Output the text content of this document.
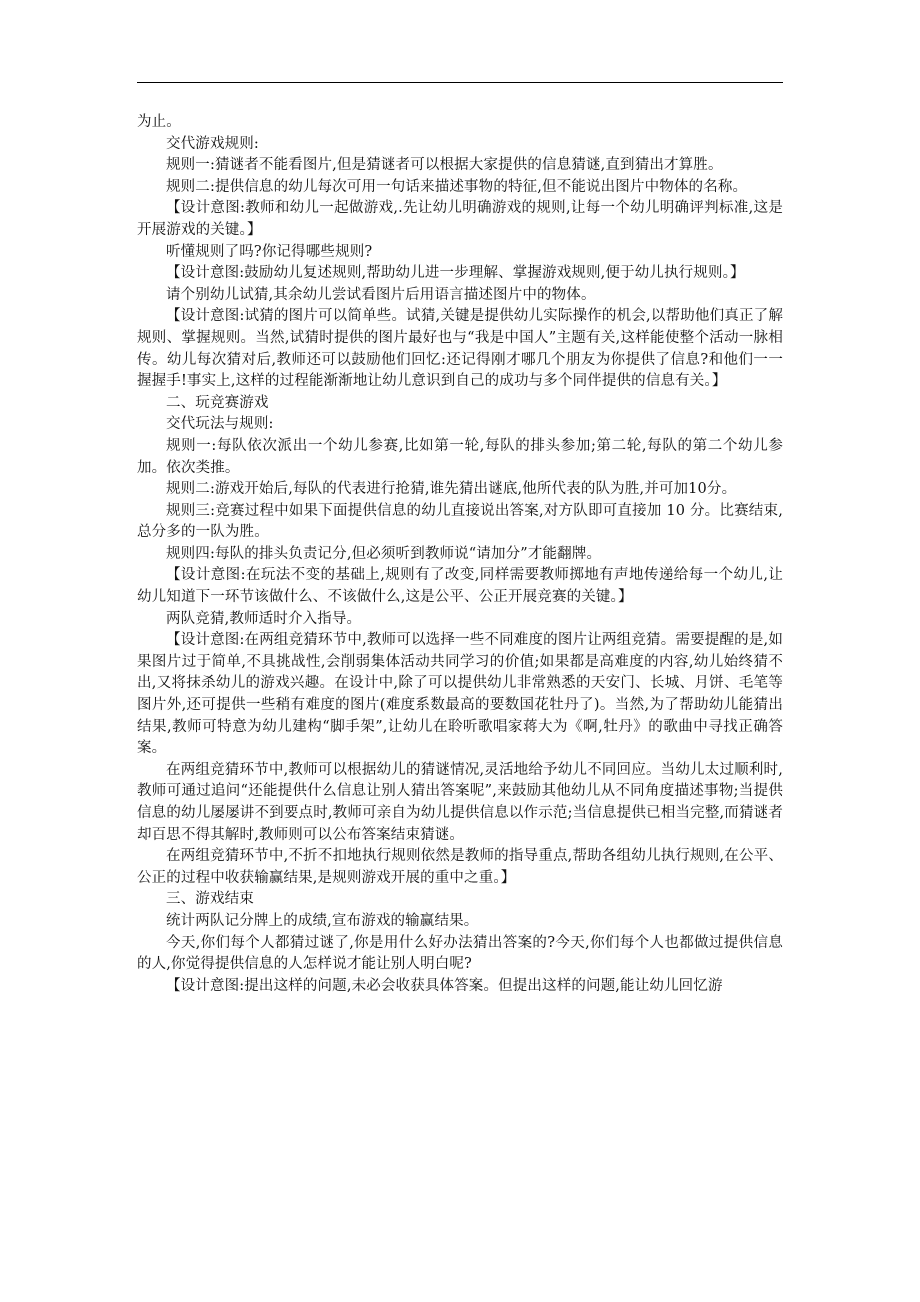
为止。

交代游戏规则:

规则一:猜谜者不能看图片,但是猜谜者可以根据大家提供的信息猜谜,直到猜出才算胜。

规则二:提供信息的幼儿每次可用一句话来描述事物的特征,但不能说出图片中物体的名称。

【设计意图:教师和幼儿一起做游戏,.先让幼儿明确游戏的规则,让每一个幼儿明确评判标准,这是开展游戏的关键。】

听懂规则了吗?你记得哪些规则?

【设计意图:鼓励幼儿复述规则,帮助幼儿进一步理解、掌握游戏规则,便于幼儿执行规则。】

请个别幼儿试猜,其余幼儿尝试看图片后用语言描述图片中的物体。

【设计意图:试猜的图片可以简单些。试猜,关键是提供幼儿实际操作的机会,以帮助他们真正了解规则、掌握规则。当然,试猜时提供的图片最好也与“我是中国人”主题有关,这样能使整个活动一脉相传。幼儿每次猜对后,教师还可以鼓励他们回忆:还记得刚才哪几个朋友为你提供了信息?和他们一一握握手!事实上,这样的过程能渐渐地让幼儿意识到自己的成功与多个同伴提供的信息有关。】

二、玩竞赛游戏

交代玩法与规则:

规则一:每队依次派出一个幼儿参赛,比如第一轮,每队的排头参加;第二轮,每队的第二个幼儿参加。依次类推。

规则二:游戏开始后,每队的代表进行抢猜,谁先猜出谜底,他所代表的队为胜,并可加10分。

规则三:竞赛过程中如果下面提供信息的幼儿直接说出答案,对方队即可直接加 10 分。比赛结束,总分多的一队为胜。

规则四:每队的排头负责记分,但必须听到教师说“请加分”才能翻牌。

【设计意图:在玩法不变的基础上,规则有了改变,同样需要教师掷地有声地传递给每一个幼儿,让幼儿知道下一环节该做什么、不该做什么,这是公平、公正开展竞赛的关键。】

两队竞猜,教师适时介入指导。

【设计意图:在两组竞猜环节中,教师可以选择一些不同难度的图片让两组竞猜。需要提醒的是,如果图片过于简单,不具挑战性,会削弱集体活动共同学习的价值;如果都是高难度的内容,幼儿始终猜不出,又将抹杀幼儿的游戏兴趣。在设计中,除了可以提供幼儿非常熟悉的天安门、长城、月饼、毛笔等图片外,还可提供一些稍有难度的图片(难度系数最高的要数国花牡丹了)。当然,为了帮助幼儿能猜出结果,教师可特意为幼儿建构“脚手架”,让幼儿在聆听歌唱家蒋大为《啊,牡丹》的歌曲中寻找正确答案。

在两组竞猜环节中,教师可以根据幼儿的猜谜情况,灵活地给予幼儿不同回应。当幼儿太过顺利时,教师可通过追问“还能提供什么信息让别人猜出答案呢”,来鼓励其他幼儿从不同角度描述事物;当提供信息的幼儿屡屡讲不到要点时,教师可亲自为幼儿提供信息以作示范;当信息提供已相当完整,而猜谜者却百思不得其解时,教师则可以公布答案结束猜谜。

在两组竞猜环节中,不折不扣地执行规则依然是教师的指导重点,帮助各组幼儿执行规则,在公平、公正的过程中收获输赢结果,是规则游戏开展的重中之重。】

三、游戏结束

统计两队记分牌上的成绩,宣布游戏的输赢结果。

今天,你们每个人都猜过谜了,你是用什么好办法猜出答案的?今天,你们每个人也都做过提供信息的人,你觉得提供信息的人怎样说才能让别人明白呢?

【设计意图:提出这样的问题,未必会收获具体答案。但提出这样的问题,能让幼儿回忆游
